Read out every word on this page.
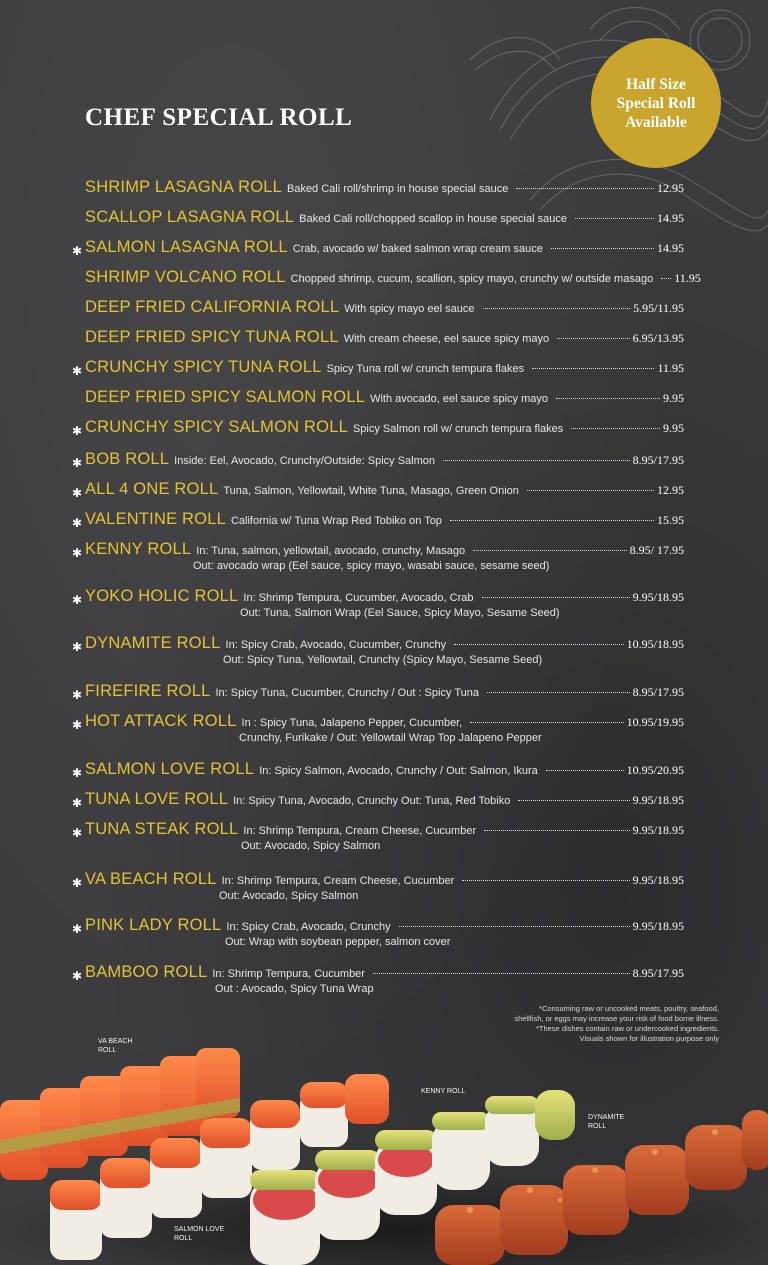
CHEF SPECIAL ROLL
Half Size
Special Roll
Available
SHRIMP LASAGNA ROLL Baked Cali roll/shrimp in house special sauce	12.95
SCALLOP LASAGNA ROLL Baked Cali roll/chopped scallop in house special sauce	14.95
✱ SALMON LASAGNA ROLL Crab, avocado w/ baked salmon wrap cream sauce	14.95
SHRIMP VOLCANO ROLL Chopped shrimp, cucum, scallion, spicy mayo, crunchy w/ outside masago 11.95
DEEP FRIED CALIFORNIA ROLL With spicy mayo eel sauce	5.95/11.95
DEEP FRIED SPICY TUNA ROLL With cream cheese, eel sauce spicy mayo	6.95/13.95
✱ CRUNCHY SPICY TUNA ROLL Spicy Tuna roll w/ crunch tempura flakes	11.95
DEEP FRIED SPICY SALMON ROLL With avocado, eel sauce spicy mayo	9.95
✱ CRUNCHY SPICY SALMON ROLL Spicy Salmon roll w/ crunch tempura flakes	9.95
✱ BOB ROLL Inside: Eel, Avocado, Crunchy/Outside: Spicy Salmon	8.95/17.95
✱ ALL 4 ONE ROLL Tuna, Salmon, Yellowtail, White Tuna, Masago, Green Onion	12.95
✱ VALENTINE ROLL California w/ Tuna Wrap Red Tobiko on Top	15.95
✱ KENNY ROLL In: Tuna, salmon, yellowtail, avocado, crunchy, Masago	8.95/ 17.95
Out: avocado wrap (Eel sauce, spicy mayo, wasabi sauce, sesame seed)
✱ YOKO HOLIC ROLL In: Shrimp Tempura, Cucumber, Avocado, Crab	9.95/18.95
Out: Tuna, Salmon Wrap (Eel Sauce, Spicy Mayo, Sesame Seed)
✱ DYNAMITE ROLL In: Spicy Crab, Avocado, Cucumber, Crunchy	10.95/18.95
Out: Spicy Tuna, Yellowtail, Crunchy (Spicy Mayo, Sesame Seed)
✱ FIREFIRE ROLL In: Spicy Tuna, Cucumber, Crunchy / Out : Spicy Tuna	8.95/17.95
✱ HOT ATTACK ROLL In : Spicy Tuna, Jalapeno Pepper, Cucumber,	10.95/19.95
Crunchy, Furikake / Out: Yellowtail Wrap Top Jalapeno Pepper
✱ SALMON LOVE ROLL In: Spicy Salmon, Avocado, Crunchy / Out: Salmon, Ikura	10.95/20.95
✱ TUNA LOVE ROLL In: Spicy Tuna, Avocado, Crunchy Out: Tuna, Red Tobiko	9.95/18.95
✱ TUNA STEAK ROLL In: Shrimp Tempura, Cream Cheese, Cucumber	9.95/18.95
Out: Avocado, Spicy Salmon
✱ VA BEACH ROLL In: Shrimp Tempura, Cream Cheese, Cucumber	9.95/18.95
Out: Avocado, Spicy Salmon
✱ PINK LADY ROLL In: Spicy Crab, Avocado, Crunchy	9.95/18.95
Out: Wrap with soybean pepper, salmon cover
✱ BAMBOO ROLL In: Shrimp Tempura, Cucumber	8.95/17.95
Out : Avocado, Spicy Tuna Wrap
*Consuming raw or uncooked meats, poultry, seafood,
shellfish, or eggs may increase your risk of food borne illness.
*These dishes contain raw or undercooked ingredients.
Visuals shown for illustration purpose only
VA BEACH
ROLL
KENNY ROLL
DYNAMITE
ROLL
SALMON LOVE
ROLL
